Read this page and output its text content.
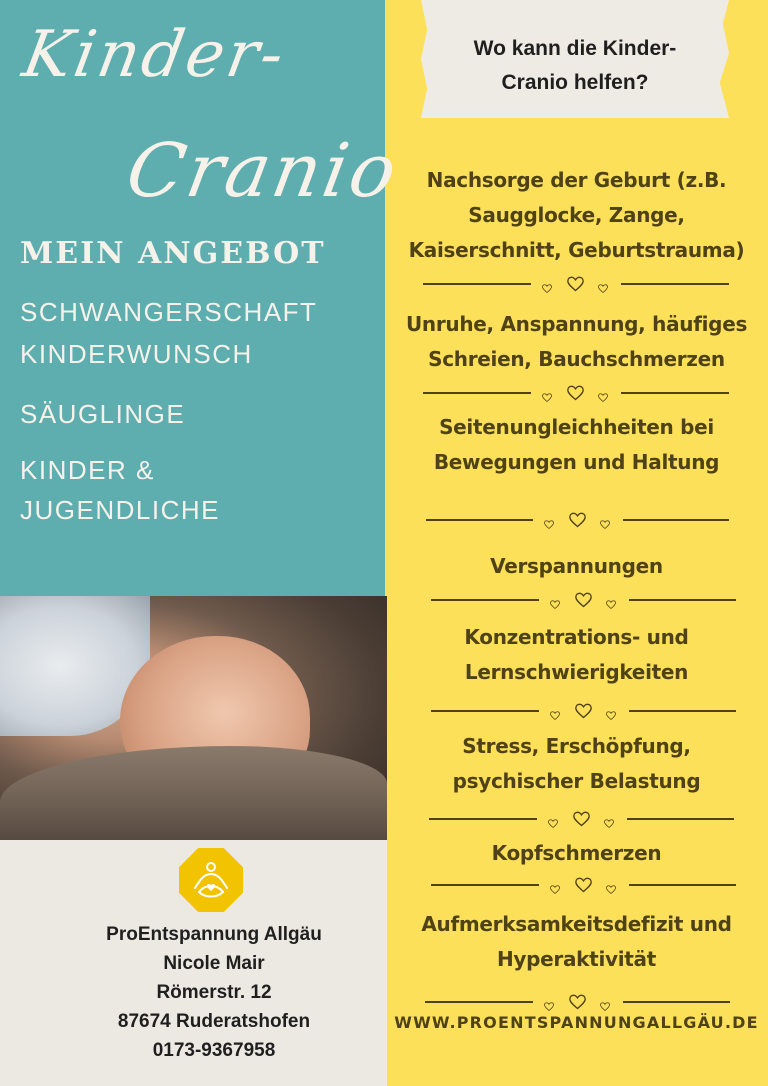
Kinder-
Cranio
MEIN ANGEBOT
SCHWANGERSCHAFT
KINDERWUNSCH
SÄUGLINGE
KINDER &
JUGENDLICHE
ProEntspannung Allgäu
Nicole Mair
Römerstr. 12
87674 Ruderatshofen
0173-9367958
Wo kann die Kinder-
Cranio helfen?
Nachsorge der Geburt (z.B.
Saugglocke, Zange,
Kaiserschnitt, Geburtstrauma)
Unruhe, Anspannung, häufiges
Schreien, Bauchschmerzen
Seitenungleichheiten bei
Bewegungen und Haltung
Verspannungen
Konzentrations- und
Lernschwierigkeiten
Stress, Erschöpfung,
psychischer Belastung
Kopfschmerzen
Aufmerksamkeitsdefizit und
Hyperaktivität
WWW.PROENTSPANNUNGALLGÄU.DE
